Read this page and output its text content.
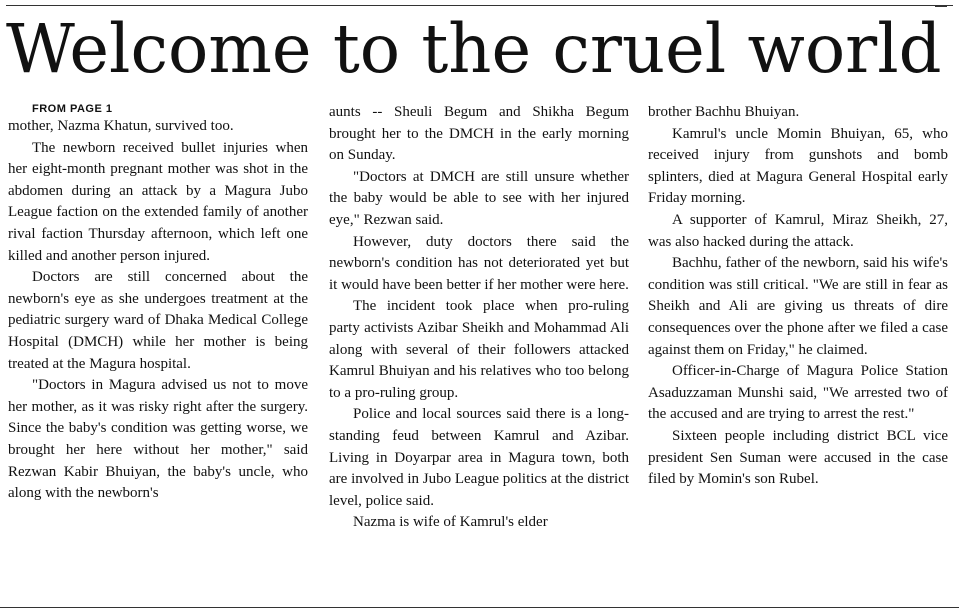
Welcome to the cruel world

FROM PAGE 1

mother, Nazma Khatun, survived too.

The newborn received bullet injuries when her eight-month pregnant mother was shot in the abdomen during an attack by a Magura Jubo League faction on the extended family of another rival faction Thursday afternoon, which left one killed and another person injured.

Doctors are still concerned about the newborn's eye as she undergoes treatment at the pediatric surgery ward of Dhaka Medical College Hospital (DMCH) while her mother is being treated at the Magura hospital.

"Doctors in Magura advised us not to move her mother, as it was risky right after the surgery. Since the baby's condition was getting worse, we brought her here without her mother," said Rezwan Kabir Bhuiyan, the baby's uncle, who along with the newborn's

aunts -- Sheuli Begum and Shikha Begum brought her to the DMCH in the early morning on Sunday.

"Doctors at DMCH are still unsure whether the baby would be able to see with her injured eye," Rezwan said.

However, duty doctors there said the newborn's condition has not deteriorated yet but it would have been better if her mother were here.

The incident took place when pro-ruling party activists Azibar Sheikh and Mohammad Ali along with several of their followers attacked Kamrul Bhuiyan and his relatives who too belong to a pro-ruling group.

Police and local sources said there is a long-standing feud between Kamrul and Azibar. Living in Doyarpar area in Magura town, both are involved in Jubo League politics at the district level, police said.

Nazma is wife of Kamrul's elder

brother Bachhu Bhuiyan.

Kamrul's uncle Momin Bhuiyan, 65, who received injury from gunshots and bomb splinters, died at Magura General Hospital early Friday morning.

A supporter of Kamrul, Miraz Sheikh, 27, was also hacked during the attack.

Bachhu, father of the newborn, said his wife's condition was still critical. "We are still in fear as Sheikh and Ali are giving us threats of dire consequences over the phone after we filed a case against them on Friday," he claimed.

Officer-in-Charge of Magura Police Station Asaduzzaman Munshi said, "We arrested two of the accused and are trying to arrest the rest."

Sixteen people including district BCL vice president Sen Suman were accused in the case filed by Momin's son Rubel.
